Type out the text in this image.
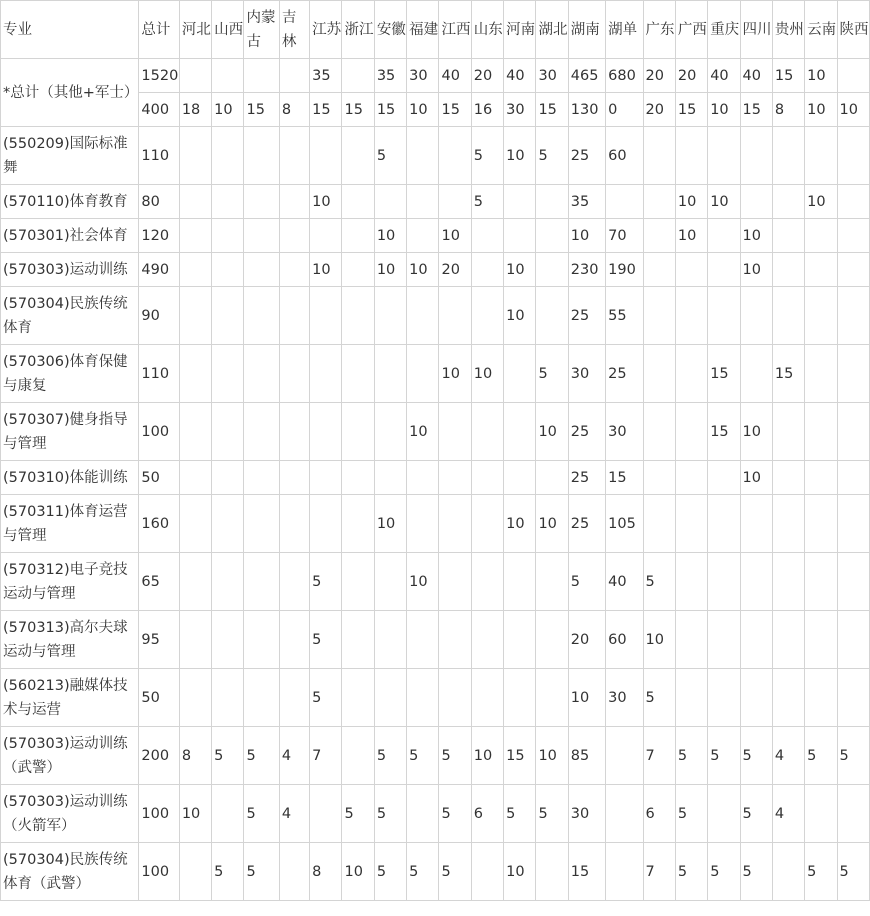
专业	总计	河北	山西	内蒙古	吉林	江苏	浙江	安徽	福建	江西	山东	河南	湖北	湖南	湖单	广东	广西	重庆	四川	贵州	云南	陕西
*总计（其他+军士）	1520					35		35	30	40	20	40	30	465	680	20	20	40	40	15	10	
	400	18	10	15	8	15	15	15	10	15	16	30	15	130	0	20	15	10	15	8	10	10
(550209)国际标准舞	110							5			5	10	5	25	60							
(570110)体育教育	80					10					5			35			10	10			10	
(570301)社会体育	120							10		10				10	70		10		10			
(570303)运动训练	490					10		10	10	20		10		230	190				10			
(570304)民族传统体育	90											10		25	55							
(570306)体育保健与康复	110									10	10		5	30	25			15		15		
(570307)健身指导与管理	100								10				10	25	30			15	10			
(570310)体能训练	50													25	15				10			
(570311)体育运营与管理	160							10				10	10	25	105							
(570312)电子竞技运动与管理	65					5			10					5	40	5						
(570313)高尔夫球运动与管理	95					5								20	60	10						
(560213)融媒体技术与运营	50					5								10	30	5						
(570303)运动训练（武警）	200	8	5	5	4	7		5	5	5	10	15	10	85		7	5	5	5	4	5	5
(570303)运动训练（火箭军）	100	10		5	4		5	5		5	6	5	5	30		6	5		5	4		
(570304)民族传统体育（武警）	100		5	5		8	10	5	5	5		10		15		7	5	5	5		5	5
